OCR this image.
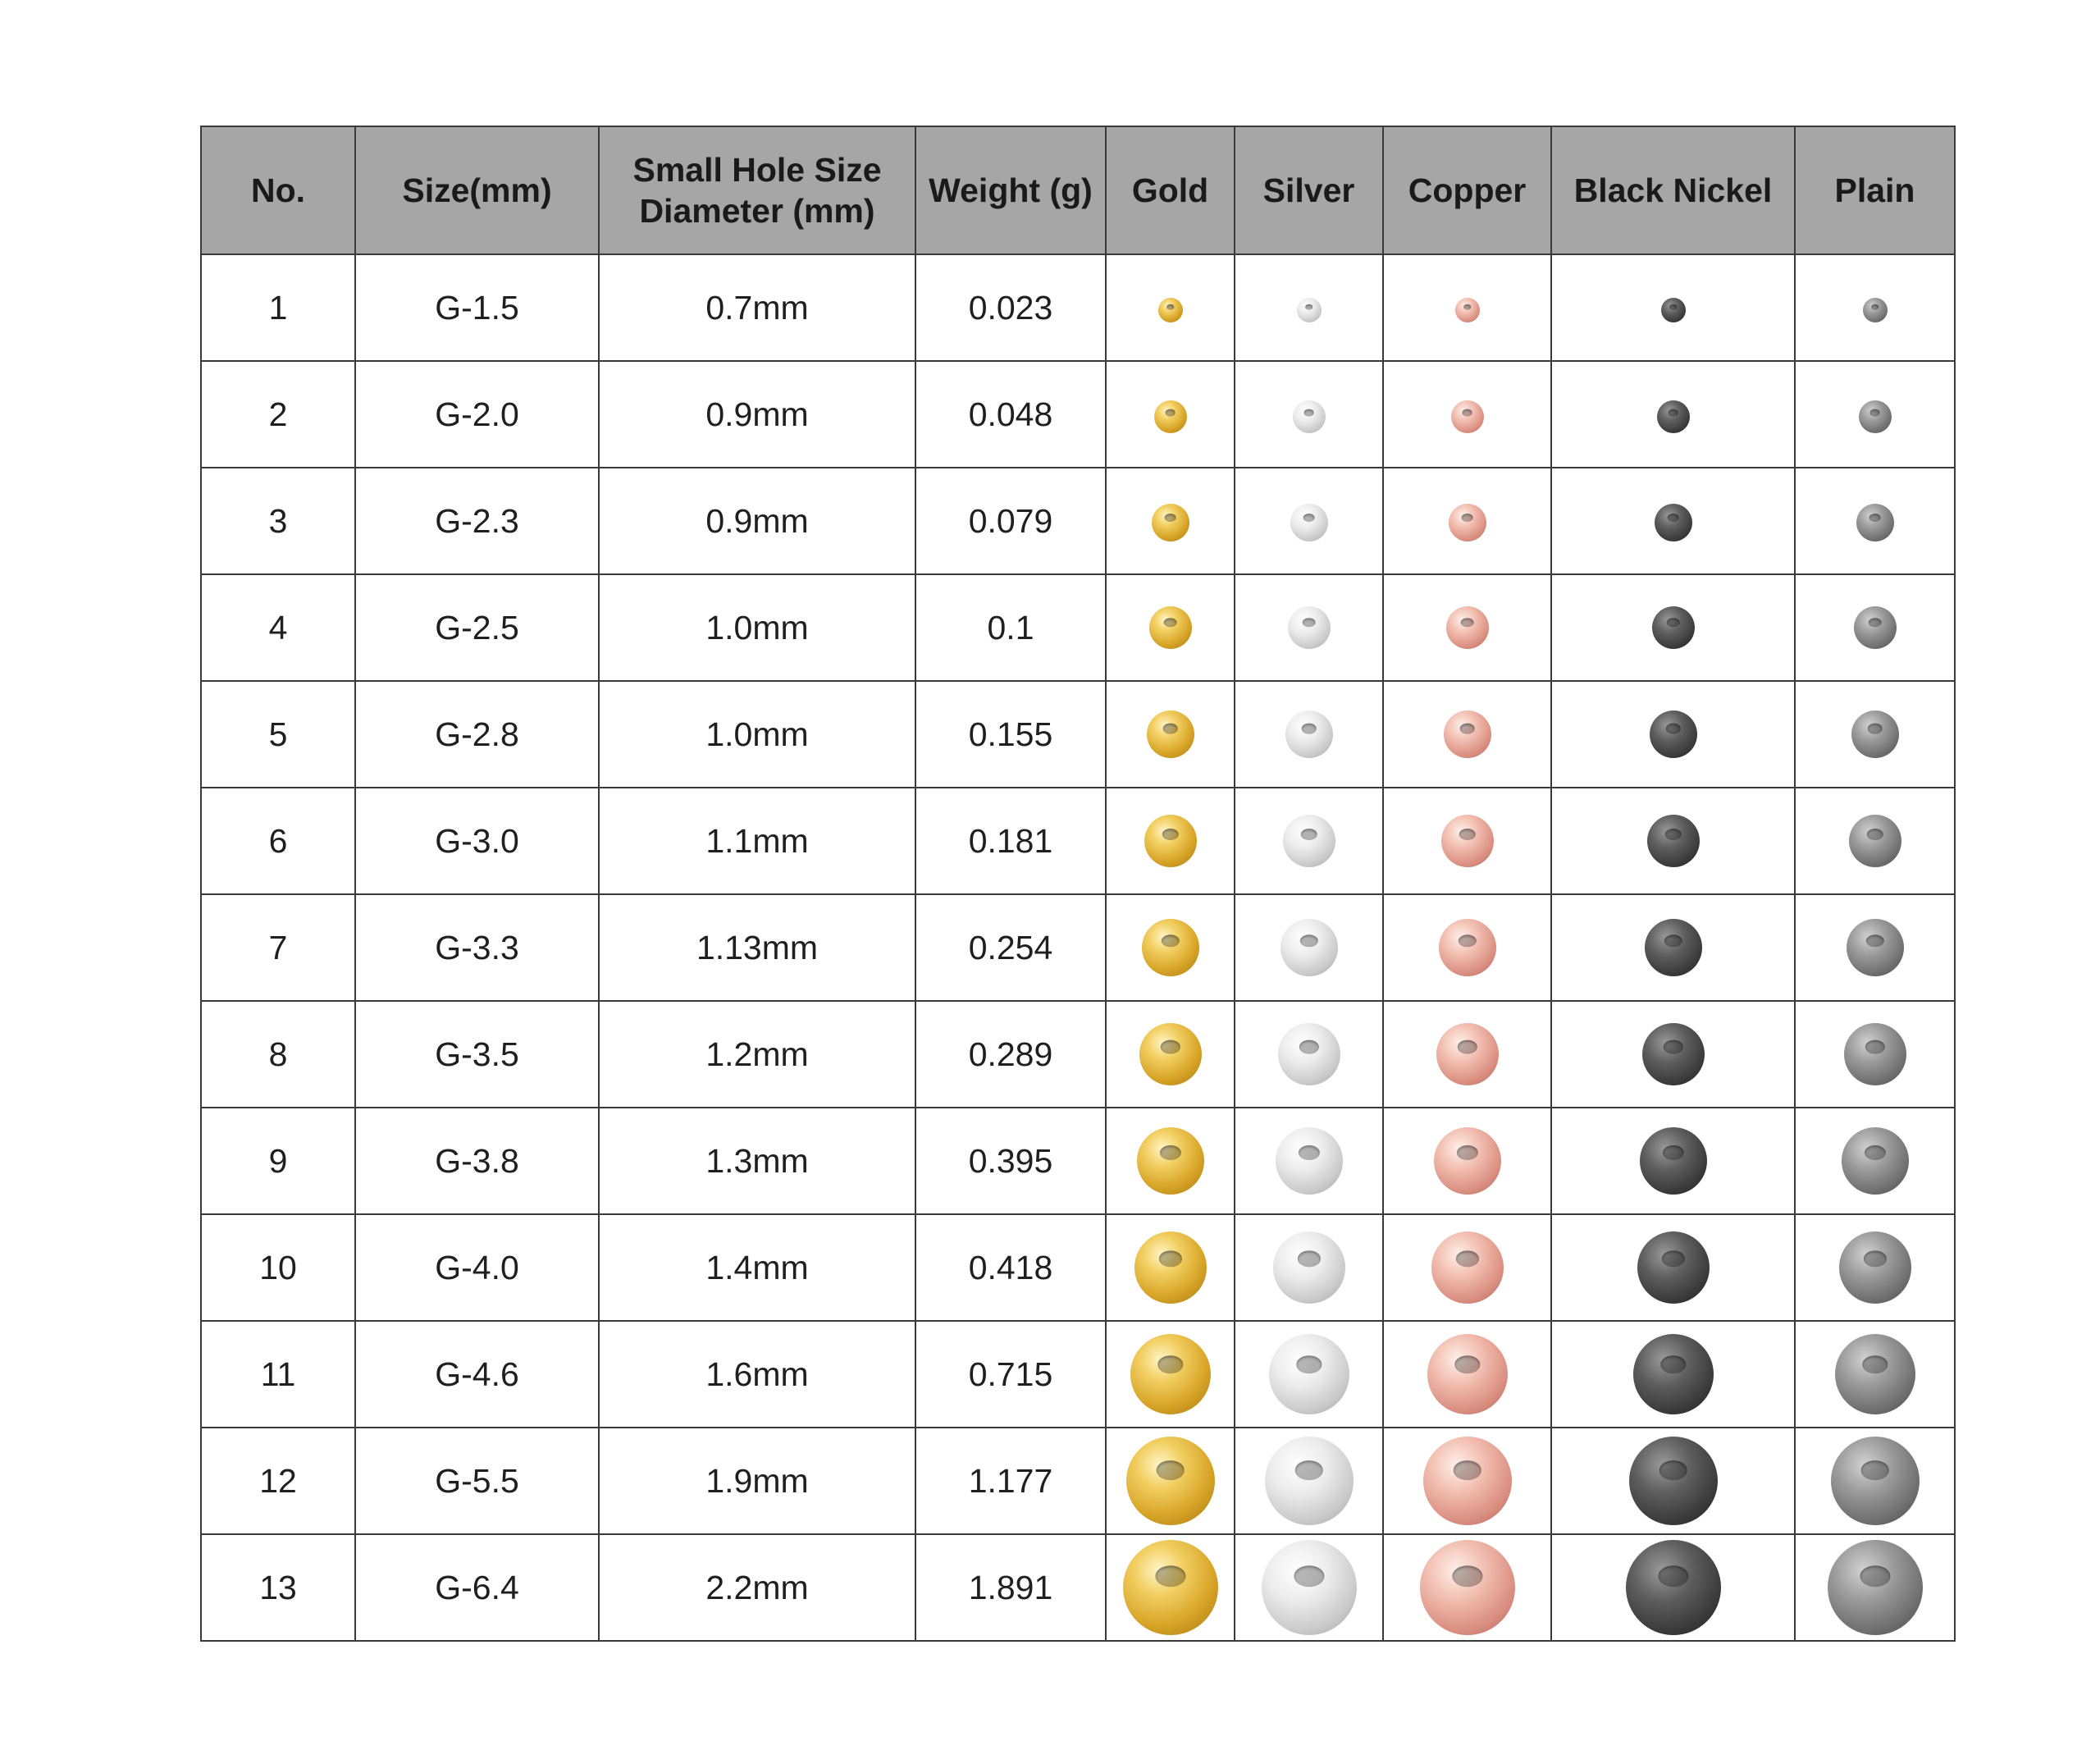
No.	Size(mm)	Small Hole Size
Diameter (mm)	Weight (g)	Gold	Silver	Copper	Black Nickel	Plain
1	G-1.5	0.7mm	0.023					
2	G-2.0	0.9mm	0.048					
3	G-2.3	0.9mm	0.079					
4	G-2.5	1.0mm	0.1					
5	G-2.8	1.0mm	0.155					
6	G-3.0	1.1mm	0.181					
7	G-3.3	1.13mm	0.254					
8	G-3.5	1.2mm	0.289					
9	G-3.8	1.3mm	0.395					
10	G-4.0	1.4mm	0.418					
11	G-4.6	1.6mm	0.715					
12	G-5.5	1.9mm	1.177					
13	G-6.4	2.2mm	1.891					
